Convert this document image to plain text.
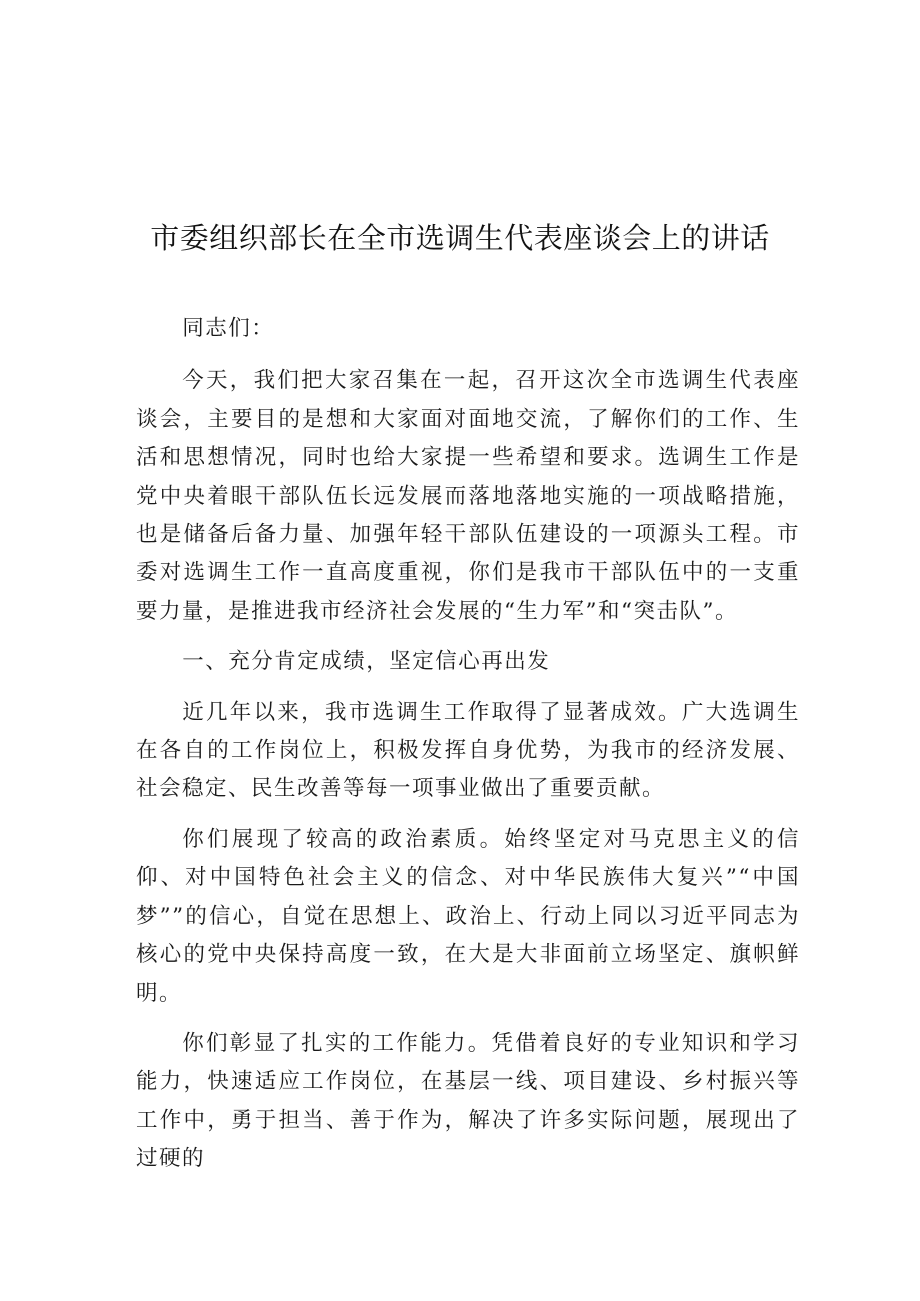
市委组织部长在全市选调生代表座谈会上的讲话

同志们：

今天，我们把大家召集在一起，召开这次全市选调生代表座谈会，主要目的是想和大家面对面地交流，了解你们的工作、生活和思想情况，同时也给大家提一些希望和要求。选调生工作是党中央着眼干部队伍长远发展而落地落地实施的一项战略措施，也是储备后备力量、加强年轻干部队伍建设的一项源头工程。市委对选调生工作一直高度重视，你们是我市干部队伍中的一支重要力量，是推进我市经济社会发展的“生力军”和“突击队”。

一、充分肯定成绩，坚定信心再出发

近几年以来，我市选调生工作取得了显著成效。广大选调生在各自的工作岗位上，积极发挥自身优势，为我市的经济发展、社会稳定、民生改善等每一项事业做出了重要贡献。

你们展现了较高的政治素质。始终坚定对马克思主义的信仰、对中国特色社会主义的信念、对中华民族伟大复兴”“中国梦””的信心，自觉在思想上、政治上、行动上同以习近平同志为核心的党中央保持高度一致，在大是大非面前立场坚定、旗帜鲜明。

你们彰显了扎实的工作能力。凭借着良好的专业知识和学习能力，快速适应工作岗位，在基层一线、项目建设、乡村振兴等工作中，勇于担当、善于作为，解决了许多实际问题，展现出了过硬的
